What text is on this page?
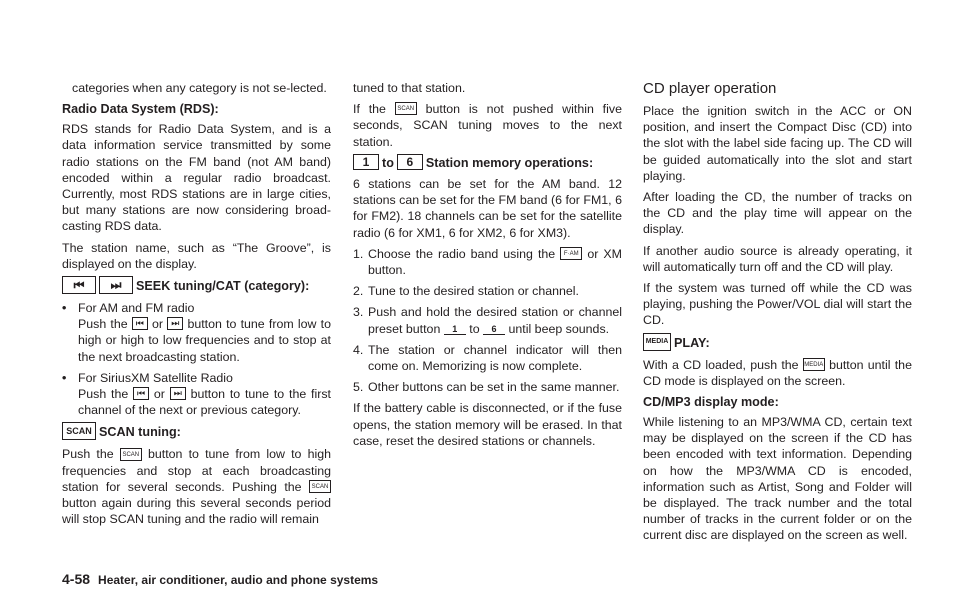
categories when any category is not se-lected.

Radio Data System (RDS):

RDS stands for Radio Data System, and is a data information service transmitted by some radio stations on the FM band (not AM band) encoded within a regular radio broadcast. Currently, most RDS stations are in large cities, but many stations are now considering broad-casting RDS data.

The station name, such as “The Groove”, is displayed on the display.

⏮	⏭	SEEK tuning/CAT (category):
• For AM and FM radio

Push the ⏮ or ⏭ button to tune from low to high or high to low frequencies and to stop at the next broadcasting station.

• For SiriusXM Satellite Radio

Push the ⏮ or ⏭ button to tune to the first channel of the next or previous category.

SCAN SCAN tuning:

Push the SCAN button to tune from low to high frequencies and stop at each broadcasting station for several seconds. Pushing the SCAN button again during this several seconds period will stop SCAN tuning and the radio will remain

tuned to that station.

If the SCAN button is not pushed within five seconds, SCAN tuning moves to the next station.

1	to	6	Station memory operations:

6 stations can be set for the AM band. 12 stations can be set for the FM band (6 for FM1, 6 for FM2). 18 channels can be set for the satellite radio (6 for XM1, 6 for XM2, 6 for XM3).

1. Choose the radio band using the F·AM or XM button.
2. Tune to the desired station or channel.
3. Push and hold the desired station or channel preset button 1 to 6 until beep sounds.
4. The station or channel indicator will then come on. Memorizing is now complete.
5. Other buttons can be set in the same manner.

If the battery cable is disconnected, or if the fuse opens, the station memory will be erased. In that case, reset the desired stations or channels.

CD player operation

Place the ignition switch in the ACC or ON position, and insert the Compact Disc (CD) into the slot with the label side facing up. The CD will be guided automatically into the slot and start playing.

After loading the CD, the number of tracks on the CD and the play time will appear on the display.

If another audio source is already operating, it will automatically turn off and the CD will play.

If the system was turned off while the CD was playing, pushing the Power/VOL dial will start the CD.

MEDIA PLAY:

With a CD loaded, push the MEDIA button until the CD mode is displayed on the screen.

CD/MP3 display mode:

While listening to an MP3/WMA CD, certain text may be displayed on the screen if the CD has been encoded with text information. Depending on how the MP3/WMA CD is encoded, information such as Artist, Song and Folder will be displayed. The track number and the total number of tracks in the current folder or on the current disc are displayed on the screen as well.

4-58 Heater, air conditioner, audio and phone systems
